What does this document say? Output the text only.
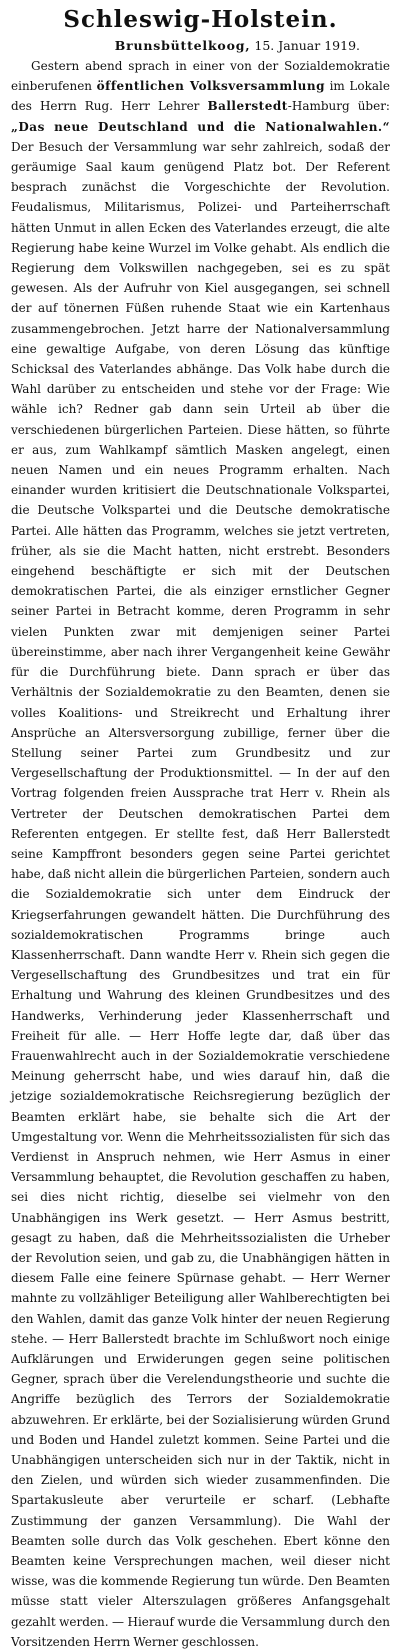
Schleswig-Holstein.
Brunsbüttelkoog, 15. Januar 1919.

Gestern abend sprach in einer von der Sozialdemokratie einberufenen öffentlichen Volksversammlung im Lokale des Herrn Rug. Herr Lehrer Ballerstedt-Hamburg über: „Das neue Deutschland und die Nationalwahlen.“ Der Besuch der Versammlung war sehr zahlreich, sodaß der geräumige Saal kaum genügend Platz bot. Der Referent besprach zunächst die Vorgeschichte der Revolution. Feudalismus, Militarismus, Polizei- und Parteiherrschaft hätten Unmut in allen Ecken des Vaterlandes erzeugt, die alte Regierung habe keine Wurzel im Volke gehabt. Als endlich die Regierung dem Volkswillen nachgegeben, sei es zu spät gewesen. Als der Aufruhr von Kiel ausgegangen, sei schnell der auf tönernen Füßen ruhende Staat wie ein Kartenhaus zusammengebrochen. Jetzt harre der Nationalversammlung eine gewaltige Aufgabe, von deren Lösung das künftige Schicksal des Vaterlandes abhänge. Das Volk habe durch die Wahl darüber zu entscheiden und stehe vor der Frage: Wie wähle ich? Redner gab dann sein Urteil ab über die verschiedenen bürgerlichen Parteien. Diese hätten, so führte er aus, zum Wahlkampf sämtlich Masken angelegt, einen neuen Namen und ein neues Programm erhalten. Nach einander wurden kritisiert die Deutschnationale Volkspartei, die Deutsche Volkspartei und die Deutsche demokratische Partei. Alle hätten das Programm, welches sie jetzt vertreten, früher, als sie die Macht hatten, nicht erstrebt. Besonders eingehend beschäftigte er sich mit der Deutschen demokratischen Partei, die als einziger ernstlicher Gegner seiner Partei in Betracht komme, deren Programm in sehr vielen Punkten zwar mit demjenigen seiner Partei übereinstimme, aber nach ihrer Vergangenheit keine Gewähr für die Durchführung biete. Dann sprach er über das Verhältnis der Sozialdemokratie zu den Beamten, denen sie volles Koalitions- und Streikrecht und Erhaltung ihrer Ansprüche an Altersversorgung zubillige, ferner über die Stellung seiner Partei zum Grundbesitz und zur Vergesellschaftung der Produktionsmittel. — In der auf den Vortrag folgenden freien Aussprache trat Herr v. Rhein als Vertreter der Deutschen demokratischen Partei dem Referenten entgegen. Er stellte fest, daß Herr Ballerstedt seine Kampffront besonders gegen seine Partei gerichtet habe, daß nicht allein die bürgerlichen Parteien, sondern auch die Sozialdemokratie sich unter dem Eindruck der Kriegserfahrungen gewandelt hätten. Die Durchführung des sozialdemokratischen Programms bringe auch Klassenherrschaft. Dann wandte Herr v. Rhein sich gegen die Vergesellschaftung des Grundbesitzes und trat ein für Erhaltung und Wahrung des kleinen Grundbesitzes und des Handwerks, Verhinderung jeder Klassenherrschaft und Freiheit für alle. — Herr Hoffe legte dar, daß über das Frauenwahlrecht auch in der Sozialdemokratie verschiedene Meinung geherrscht habe, und wies darauf hin, daß die jetzige sozialdemokratische Reichsregierung bezüglich der Beamten erklärt habe, sie behalte sich die Art der Umgestaltung vor. Wenn die Mehrheitssozialisten für sich das Verdienst in Anspruch nehmen, wie Herr Asmus in einer Versammlung behauptet, die Revolution geschaffen zu haben, sei dies nicht richtig, dieselbe sei vielmehr von den Unabhängigen ins Werk gesetzt. — Herr Asmus bestritt, gesagt zu haben, daß die Mehrheitssozialisten die Urheber der Revolution seien, und gab zu, die Unabhängigen hätten in diesem Falle eine feinere Spürnase gehabt. — Herr Werner mahnte zu vollzähliger Beteiligung aller Wahlberechtigten bei den Wahlen, damit das ganze Volk hinter der neuen Regierung stehe. — Herr Ballerstedt brachte im Schlußwort noch einige Aufklärungen und Erwiderungen gegen seine politischen Gegner, sprach über die Verelendungstheorie und suchte die Angriffe bezüglich des Terrors der Sozialdemokratie abzuwehren. Er erklärte, bei der Sozialisierung würden Grund und Boden und Handel zuletzt kommen. Seine Partei und die Unabhängigen unterscheiden sich nur in der Taktik, nicht in den Zielen, und würden sich wieder zusammenfinden. Die Spartakusleute aber verurteile er scharf. (Lebhafte Zustimmung der ganzen Versammlung). Die Wahl der Beamten solle durch das Volk geschehen. Ebert könne den Beamten keine Versprechungen machen, weil dieser nicht wisse, was die kommende Regierung tun würde. Den Beamten müsse statt vieler Alterszulagen größeres Anfangsgehalt gezahlt werden. — Hierauf wurde die Versammlung durch den Vorsitzenden Herrn Werner geschlossen.
